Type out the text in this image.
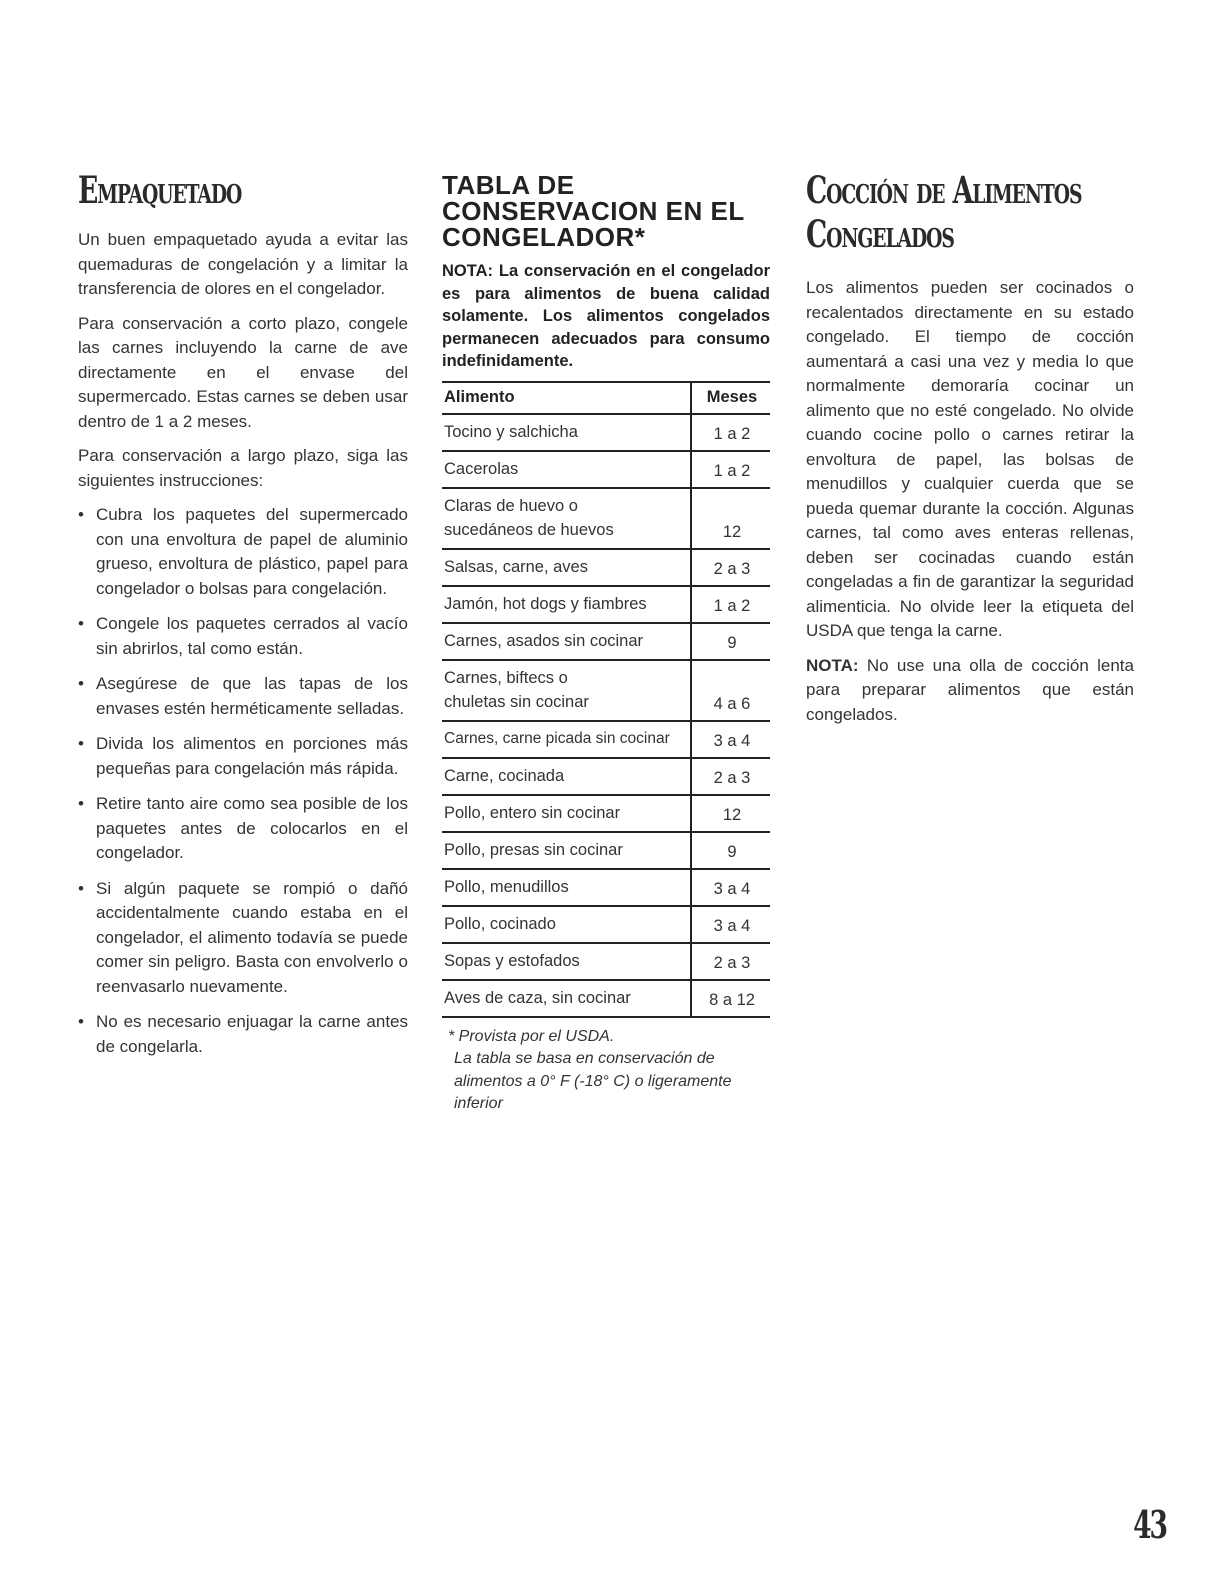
Empaquetado

Un buen empaquetado ayuda a evitar las quemaduras de congelación y a limitar la transferencia de olores en el congelador.

Para conservación a corto plazo, congele las carnes incluyendo la carne de ave directamente en el envase del supermercado. Estas carnes se deben usar dentro de 1 a 2 meses.

Para conservación a largo plazo, siga las siguientes instrucciones:

• Cubra los paquetes del supermercado con una envoltura de papel de aluminio grueso, envoltura de plástico, papel para congelador o bolsas para congelación.
• Congele los paquetes cerrados al vacío sin abrirlos, tal como están.
• Asegúrese de que las tapas de los envases estén herméticamente selladas.
• Divida los alimentos en porciones más pequeñas para congelación más rápida.
• Retire tanto aire como sea posible de los paquetes antes de colocarlos en el congelador.
• Si algún paquete se rompió o dañó accidentalmente cuando estaba en el congelador, el alimento todavía se puede comer sin peligro. Basta con envolverlo o reenvasarlo nuevamente.
• No es necesario enjuagar la carne antes de congelarla.
TABLA DE
CONSERVACION EN EL
CONGELADOR*

NOTA: La conservación en el congelador es para alimentos de buena calidad solamente. Los alimentos congelados permanecen adecuados para consumo indefinidamente.

Alimento	Meses
Tocino y salchicha	1 a 2
Cacerolas	1 a 2
Claras de huevo o sucedáneos de huevos	12
Salsas, carne, aves	2 a 3
Jamón, hot dogs y fiambres	1 a 2
Carnes, asados sin cocinar	9
Carnes, biftecs o chuletas sin cocinar	4 a 6
Carnes, carne picada sin cocinar	3 a 4
Carne, cocinada	2 a 3
Pollo, entero sin cocinar	12
Pollo, presas sin cocinar	9
Pollo, menudillos	3 a 4
Pollo, cocinado	3 a 4
Sopas y estofados	2 a 3
Aves de caza, sin cocinar	8 a 12
* Provista por el USDA.
La tabla se basa en conservación de
alimentos a 0° F (-18° C) o ligeramente
inferior
Cocción de Alimentos
Congelados

Los alimentos pueden ser cocinados o recalentados directamente en su estado congelado. El tiempo de cocción aumentará a casi una vez y media lo que normalmente demoraría cocinar un alimento que no esté congelado. No olvide cuando cocine pollo o carnes retirar la envoltura de papel, las bolsas de menudillos y cualquier cuerda que se pueda quemar durante la cocción. Algunas carnes, tal como aves enteras rellenas, deben ser cocinadas cuando están congeladas a fin de garantizar la seguridad alimenticia. No olvide leer la etiqueta del USDA que tenga la carne.

NOTA: No use una olla de cocción lenta para preparar alimentos que están congelados.

43
